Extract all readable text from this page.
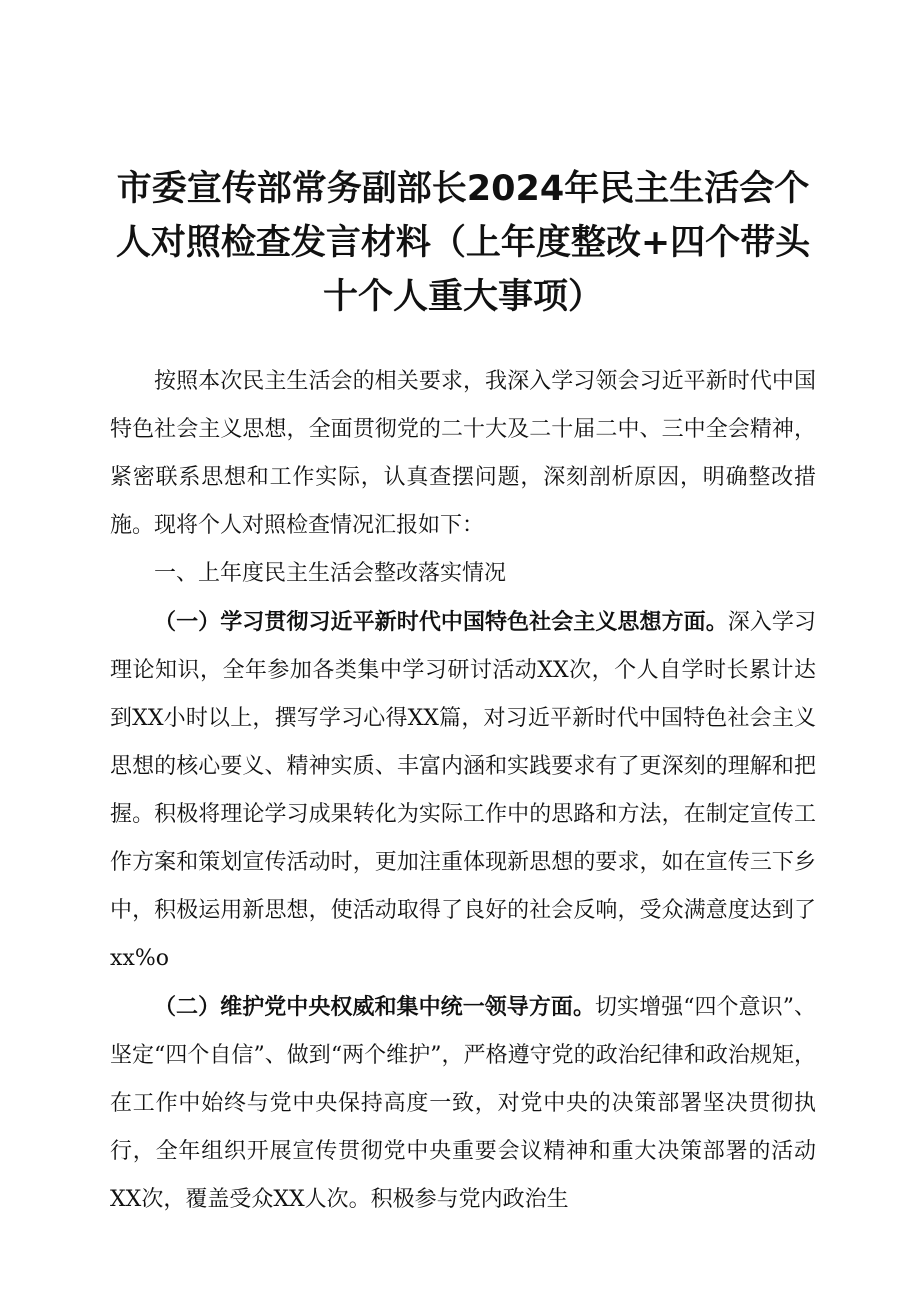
市委宣传部常务副部长2024年民主生活会个
人对照检查发言材料（上年度整改+四个带头
十个人重大事项）

按照本次民主生活会的相关要求，我深入学习领会习近平新时代中国特色社会主义思想，全面贯彻党的二十大及二十届二中、三中全会精神，紧密联系思想和工作实际，认真查摆问题，深刻剖析原因，明确整改措施。现将个人对照检查情况汇报如下：

一、上年度民主生活会整改落实情况

（一）学习贯彻习近平新时代中国特色社会主义思想方面。深入学习理论知识，全年参加各类集中学习研讨活动XX次，个人自学时长累计达到XX小时以上，撰写学习心得XX篇，对习近平新时代中国特色社会主义思想的核心要义、精神实质、丰富内涵和实践要求有了更深刻的理解和把握。积极将理论学习成果转化为实际工作中的思路和方法，在制定宣传工作方案和策划宣传活动时，更加注重体现新思想的要求，如在宣传三下乡中，积极运用新思想，使活动取得了良好的社会反响，受众满意度达到了xx%o

（二）维护党中央权威和集中统一领导方面。切实增强“四个意识”、坚定“四个自信”、做到“两个维护”，严格遵守党的政治纪律和政治规矩，在工作中始终与党中央保持高度一致，对党中央的决策部署坚决贯彻执行，全年组织开展宣传贯彻党中央重要会议精神和重大决策部署的活动XX次，覆盖受众XX人次。积极参与党内政治生
